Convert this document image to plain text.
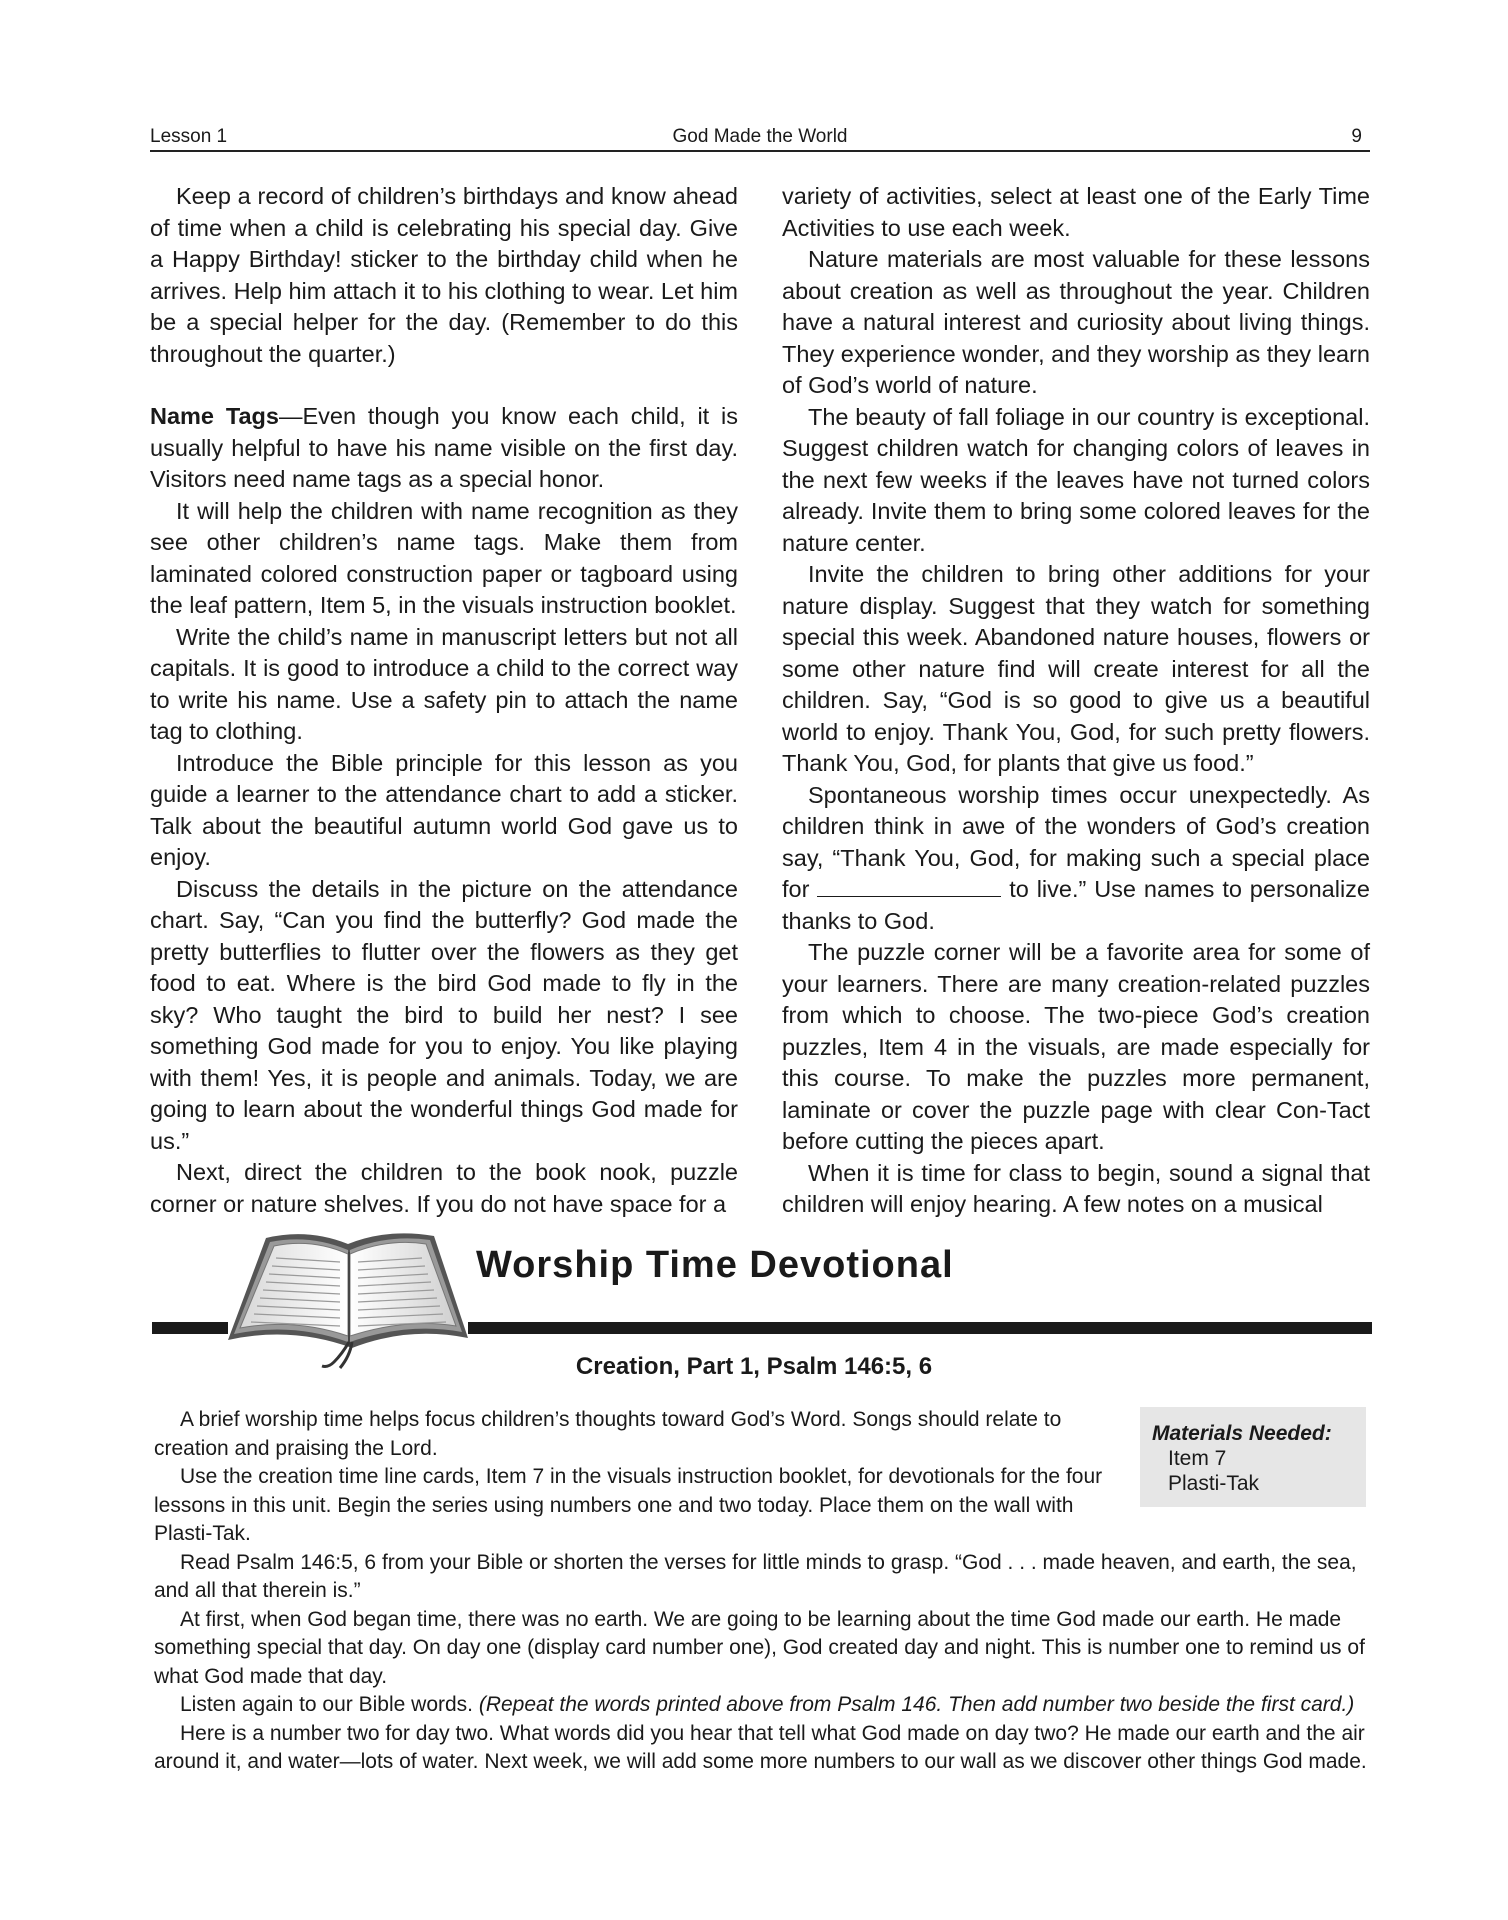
Lesson 1	God Made the World	9

Keep a record of children’s birthdays and know ahead of time when a child is celebrating his special day. Give a Happy Birthday! sticker to the birthday child when he arrives. Help him attach it to his clothing to wear. Let him be a special helper for the day. (Remember to do this throughout the quarter.)

Name Tags—Even though you know each child, it is usually helpful to have his name visible on the first day. Visitors need name tags as a special honor.

It will help the children with name recognition as they see other children’s name tags. Make them from laminated colored construction paper or tagboard using the leaf pattern, Item 5, in the visuals instruction booklet.

Write the child’s name in manuscript letters but not all capitals. It is good to introduce a child to the correct way to write his name. Use a safety pin to attach the name tag to clothing.

Introduce the Bible principle for this lesson as you guide a learner to the attendance chart to add a sticker. Talk about the beautiful autumn world God gave us to enjoy.

Discuss the details in the picture on the attendance chart. Say, “Can you find the butterfly? God made the pretty butterflies to flutter over the flowers as they get food to eat. Where is the bird God made to fly in the sky? Who taught the bird to build her nest? I see something God made for you to enjoy. You like playing with them! Yes, it is people and animals. Today, we are going to learn about the wonderful things God made for us.”

Next, direct the children to the book nook, puzzle corner or nature shelves. If you do not have space for a

variety of activities, select at least one of the Early Time Activities to use each week.

Nature materials are most valuable for these lessons about creation as well as throughout the year. Children have a natural interest and curiosity about living things. They experience wonder, and they worship as they learn of God’s world of nature.

The beauty of fall foliage in our country is exceptional. Suggest children watch for changing colors of leaves in the next few weeks if the leaves have not turned colors already. Invite them to bring some colored leaves for the nature center.

Invite the children to bring other additions for your nature display. Suggest that they watch for something special this week. Abandoned nature houses, flowers or some other nature find will create interest for all the children. Say, “God is so good to give us a beautiful world to enjoy. Thank You, God, for such pretty flowers. Thank You, God, for plants that give us food.”

Spontaneous worship times occur unexpectedly. As children think in awe of the wonders of God’s creation say, “Thank You, God, for making such a special place for	to live.” Use names to personalize thanks to God.

The puzzle corner will be a favorite area for some of your learners. There are many creation-related puzzles from which to choose. The two-piece God’s creation puzzles, Item 4 in the visuals, are made especially for this course. To make the puzzles more permanent, laminate or cover the puzzle page with clear Con-Tact before cutting the pieces apart.

When it is time for class to begin, sound a signal that children will enjoy hearing. A few notes on a musical

Worship Time Devotional
Creation, Part 1, Psalm 146:5, 6
Materials Needed:
Item 7
Plasti-Tak

A brief worship time helps focus children’s thoughts toward God’s Word. Songs should relate to creation and praising the Lord.

Use the creation time line cards, Item 7 in the visuals instruction booklet, for devotionals for the four lessons in this unit. Begin the series using numbers one and two today. Place them on the wall with Plasti-Tak.

Read Psalm 146:5, 6 from your Bible or shorten the verses for little minds to grasp. “God . . . made heaven, and earth, the sea, and all that therein is.”

At first, when God began time, there was no earth. We are going to be learning about the time God made our earth. He made something special that day. On day one (display card number one), God created day and night. This is number one to remind us of what God made that day.

Listen again to our Bible words. (Repeat the words printed above from Psalm 146. Then add number two beside the first card.)

Here is a number two for day two. What words did you hear that tell what God made on day two? He made our earth and the air around it, and water—lots of water. Next week, we will add some more numbers to our wall as we discover other things God made.
